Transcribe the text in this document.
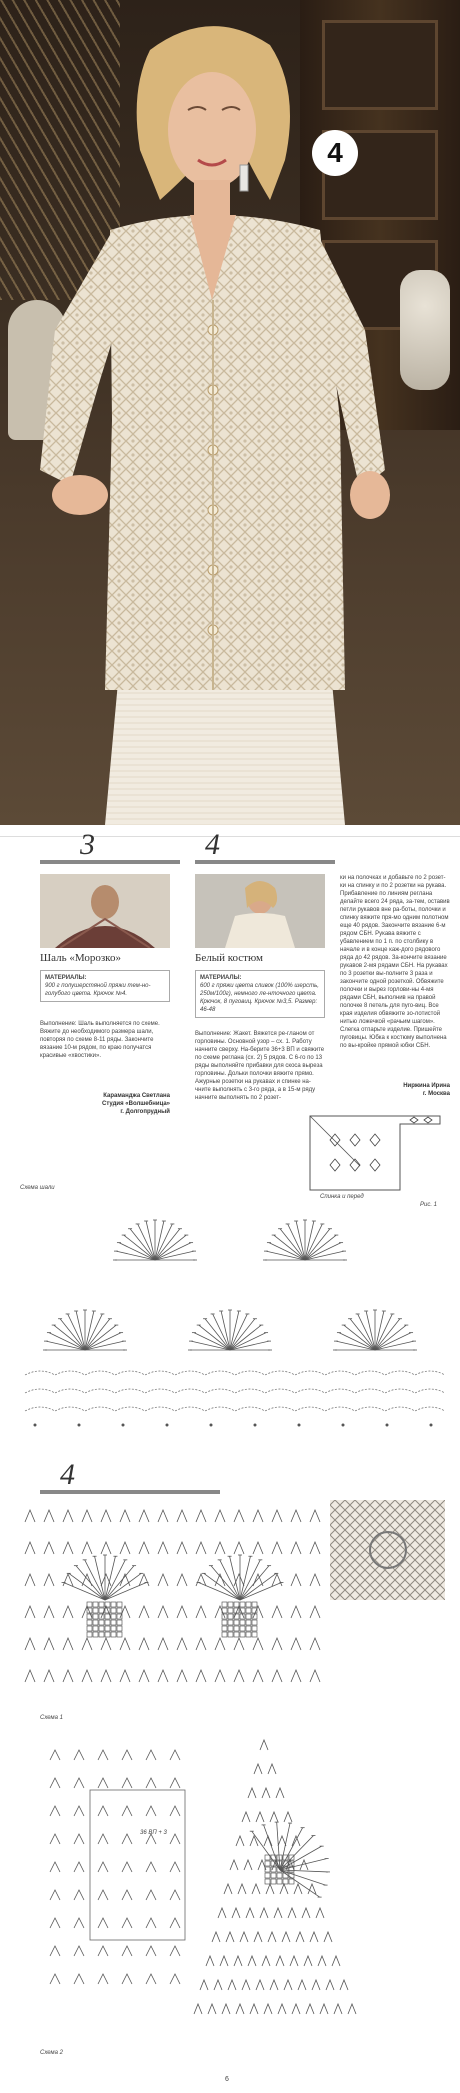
4
3	4
Шаль «Морозко»	Белый костюм
МАТЕРИАЛЫ:
900 г полушерстяной пряжи тем-но-голубого цвета. Крючок №4.
МАТЕРИАЛЫ:
600 г пряжи цвета сливок (100% шерсть, 250м/100г), немного ле-нточного цвета. Крючок, 8 пуговиц. Крючок №3,5. Размер: 46-48
Выполнение: Шаль выполняется по схеме. Вяжите до необходимого размера шали, повторяя по схеме 8-11 ряды. Закончите вязание 10-м рядом, по краю получатся красивые «хвостики».
Выполнение: Жакет. Вяжется ре-гланом от горловины. Основной узор – сх. 1. Работу начните сверху. На-берите 36+3 ВП и свяжите по схеме реглана (сх. 2) 5 рядов. С 6-го по 13 ряды выполняйте прибавки для скоса выреза горловины. Дольки полочки вяжите прямо. Ажурные розетки на рукавах и спинке на-чните выполнять с 3-го ряда, а в 15-м ряду начните выполнять по 2 розет-
ки на полочках и добавьте по 2 розет-ки на спинку и по 2 розетки на рукава. Прибавление по линиям реглана делайте всего 24 ряда, за-тем, оставив петли рукавов вне ра-боты, полочки и спинку вяжите пря-мо одним полотном еще 40 рядов. Закончите вязание 6-м рядом СБН. Рукава вяжите с убавлением по 1 п. по столбику в начале и в конце каж-дого рядового ряда до 42 рядов. За-кончите вязание рукавов 2-мя рядами СБН. На рукавах по 3 розетки вы-полните 3 раза и закончите одной розеткой. Обвяжите полочки и вырез горлови-ны 4-мя рядами СБН, выполнив на правой полочке 8 петель для пуго-виц. Все края изделия обвяжите зо-лотистой нитью ложечкой «рачьим шагом». Слегка отпарьте изделие. Пришейте пуговицы. Юбка к костюму выполнена по вы-кройке прямой юбки СБН.
Караманджа Светлана
Студия «Волшебница»
г. Долгопрудный
Ниржина Ирина
г. Москва
Спинка и перед
Рис. 1
Схема шали
4
Схема 1
36 ВП + 3
Схема 2
6
